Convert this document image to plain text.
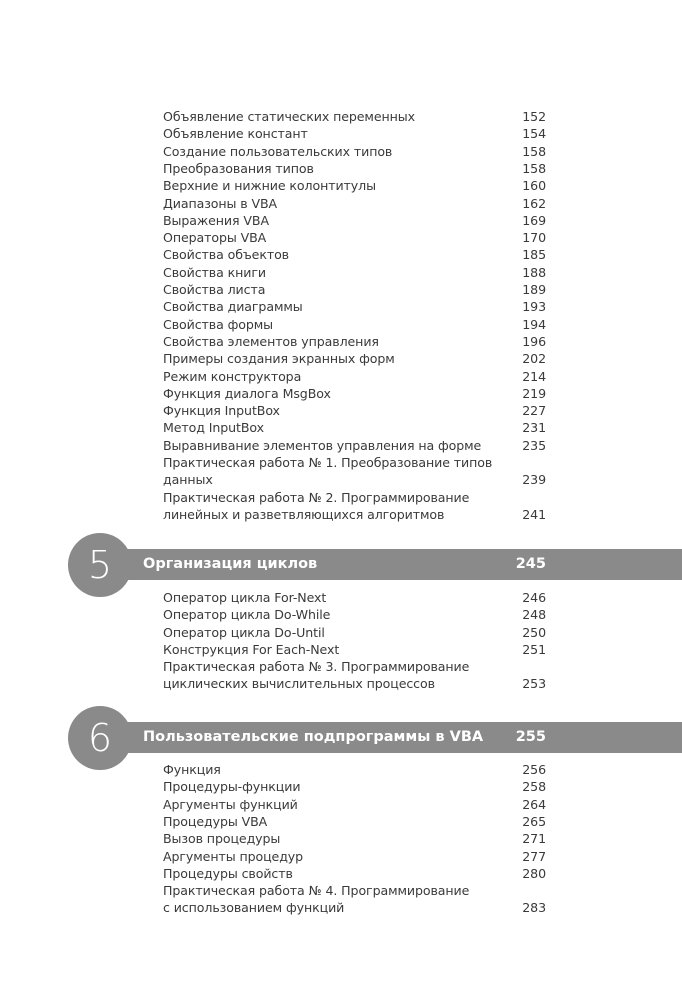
Объявление статических переменных	152
Объявление констант	154
Создание пользовательских типов	158
Преобразования типов	158
Верхние и нижние колонтитулы	160
Диапазоны в VBA	162
Выражения VBA	169
Операторы VBA	170
Свойства объектов	185
Свойства книги	188
Свойства листа	189
Свойства диаграммы	193
Свойства формы	194
Свойства элементов управления	196
Примеры создания экранных форм	202
Режим конструктора	214
Функция диалога MsgBox	219
Функция InputBox	227
Метод InputBox	231
Выравнивание элементов управления на форме	235
Практическая работа № 1. Преобразование типов
данных	239
Практическая работа № 2. Программирование
линейных и разветвляющихся алгоритмов	241
5	Организация циклов	245
Оператор цикла For-Next	246
Оператор цикла Do-While	248
Оператор цикла Do-Until	250
Конструкция For Each-Next	251
Практическая работа № 3. Программирование
циклических вычислительных процессов	253
6	Пользовательские подпрограммы в VBA	255
Функция	256
Процедуры-функции	258
Аргументы функций	264
Процедуры VBA	265
Вызов процедуры	271
Аргументы процедур	277
Процедуры свойств	280
Практическая работа № 4. Программирование
с использованием функций	283
